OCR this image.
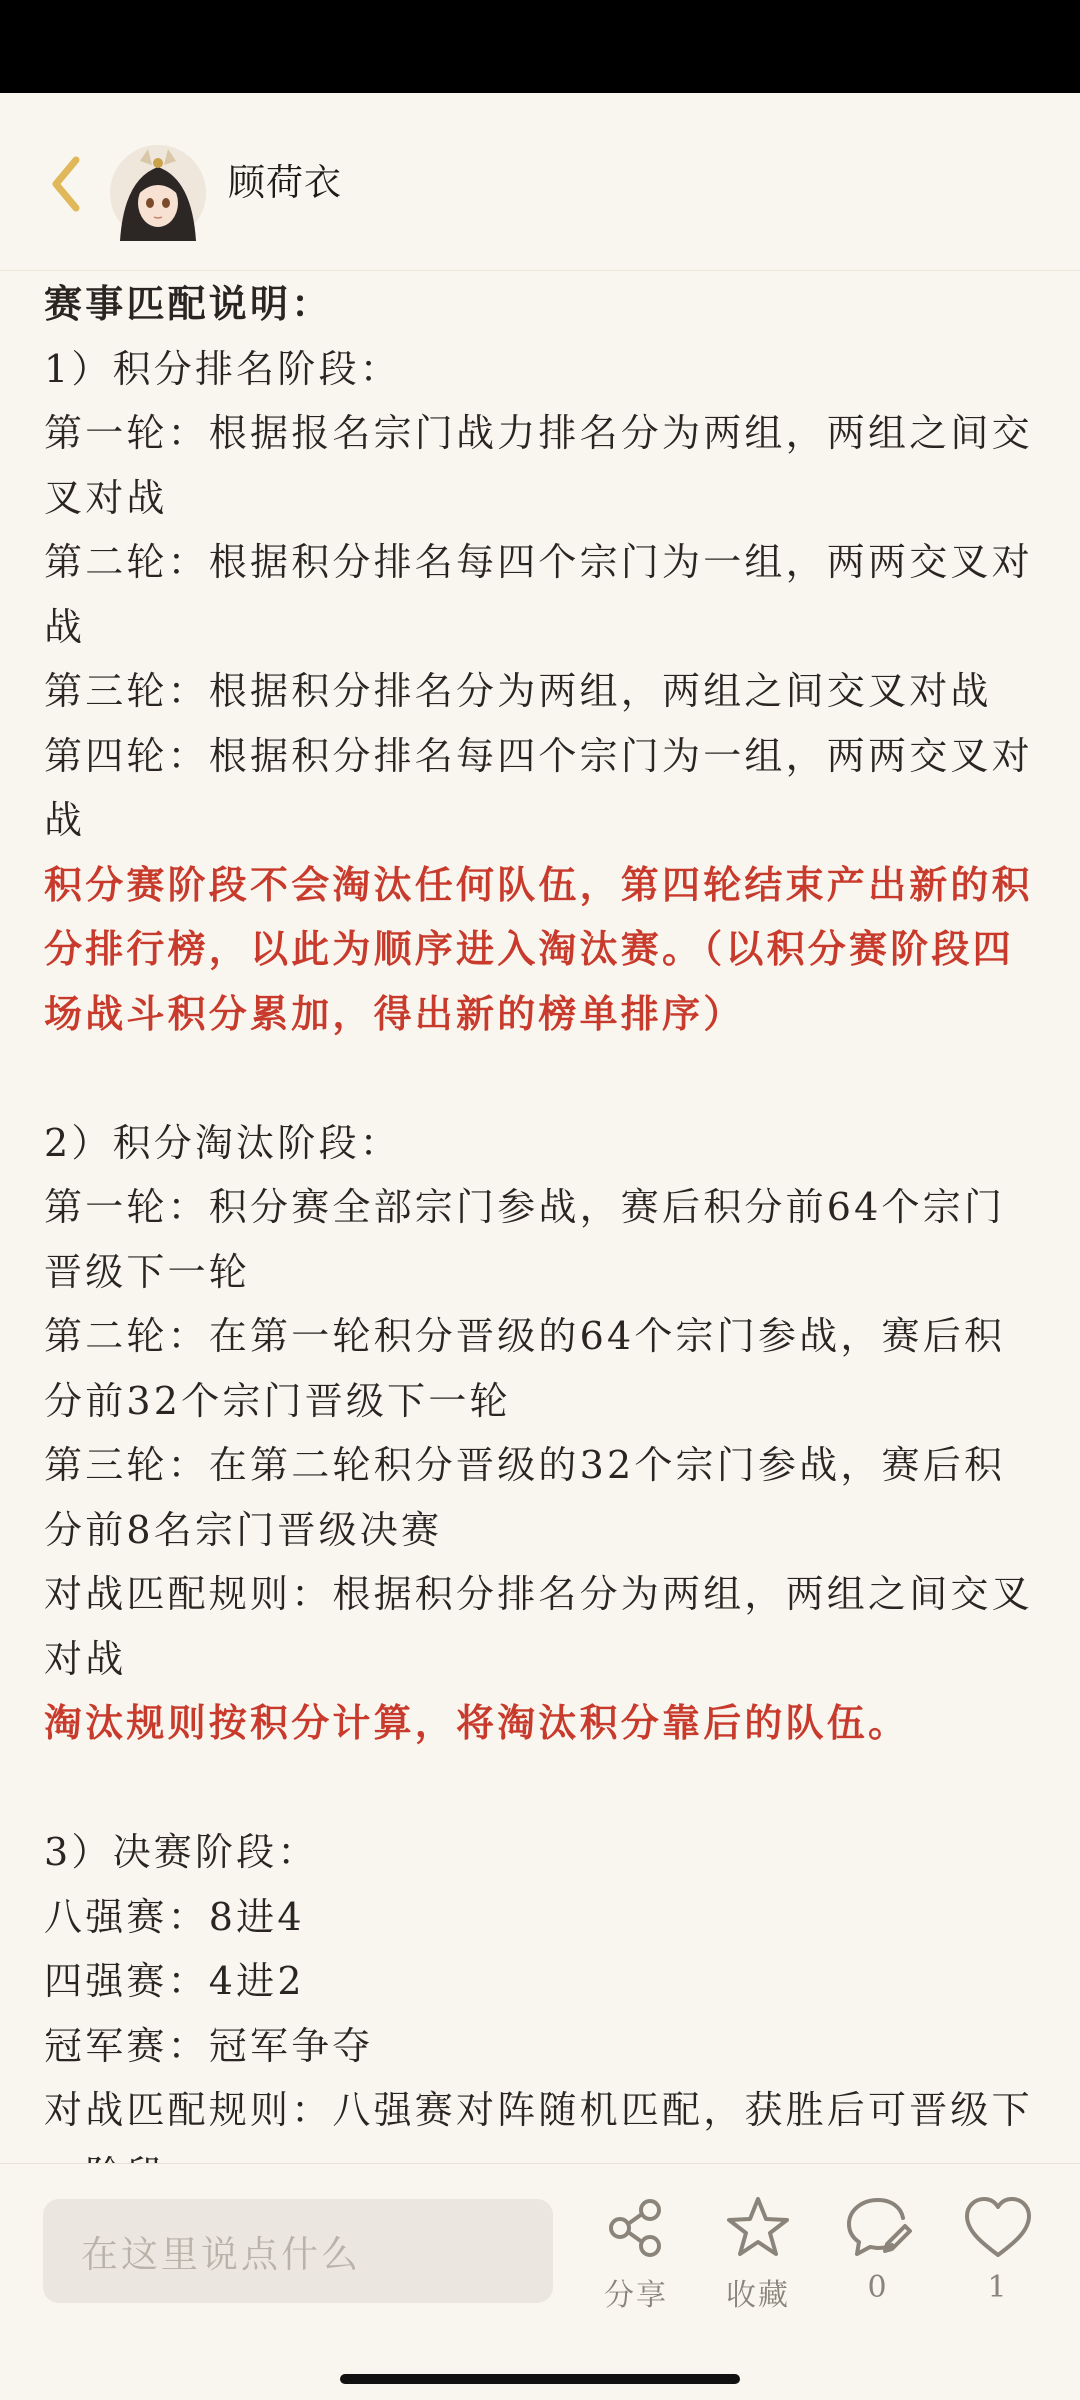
顾荷衣

赛事匹配说明：

1）积分排名阶段：

第一轮：根据报名宗门战力排名分为两组，两组之间交叉对战

第二轮：根据积分排名每四个宗门为一组，两两交叉对战

第三轮：根据积分排名分为两组，两组之间交叉对战

第四轮：根据积分排名每四个宗门为一组，两两交叉对战

积分赛阶段不会淘汰任何队伍，第四轮结束产出新的积分排行榜，以此为顺序进入淘汰赛。（以积分赛阶段四场战斗积分累加，得出新的榜单排序）

2）积分淘汰阶段：

第一轮：积分赛全部宗门参战，赛后积分前64个宗门晋级下一轮

第二轮：在第一轮积分晋级的64个宗门参战，赛后积分前32个宗门晋级下一轮

第三轮：在第二轮积分晋级的32个宗门参战，赛后积分前8名宗门晋级决赛

对战匹配规则：根据积分排名分为两组，两组之间交叉对战

淘汰规则按积分计算，将淘汰积分靠后的队伍。

3）决赛阶段：

八强赛：8进4

四强赛：4进2

冠军赛：冠军争夺

对战匹配规则：八强赛对阵随机匹配，获胜后可晋级下

在这里说点什么
分享 收藏	0	1
